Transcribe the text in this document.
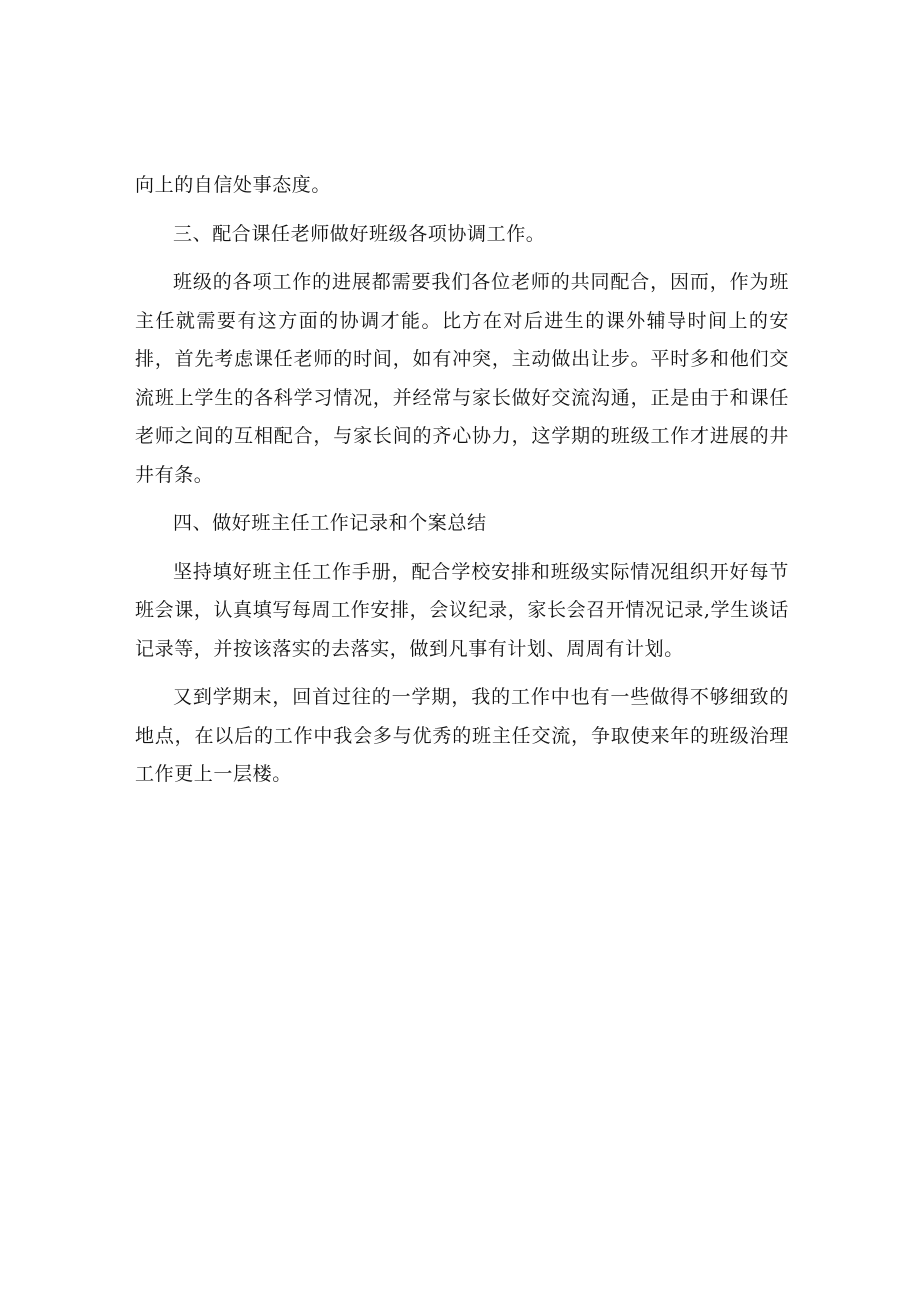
向上的自信处事态度。

三、配合课任老师做好班级各项协调工作。

班级的各项工作的进展都需要我们各位老师的共同配合，因而，作为班主任就需要有这方面的协调才能。比方在对后进生的课外辅导时间上的安排，首先考虑课任老师的时间，如有冲突，主动做出让步。平时多和他们交流班上学生的各科学习情况，并经常与家长做好交流沟通，正是由于和课任老师之间的互相配合，与家长间的齐心协力，这学期的班级工作才进展的井井有条。

四、做好班主任工作记录和个案总结

坚持填好班主任工作手册，配合学校安排和班级实际情况组织开好每节班会课，认真填写每周工作安排，会议纪录，家长会召开情况记录,学生谈话记录等，并按该落实的去落实，做到凡事有计划、周周有计划。

又到学期末，回首过往的一学期，我的工作中也有一些做得不够细致的地点，在以后的工作中我会多与优秀的班主任交流，争取使来年的班级治理工作更上一层楼。
